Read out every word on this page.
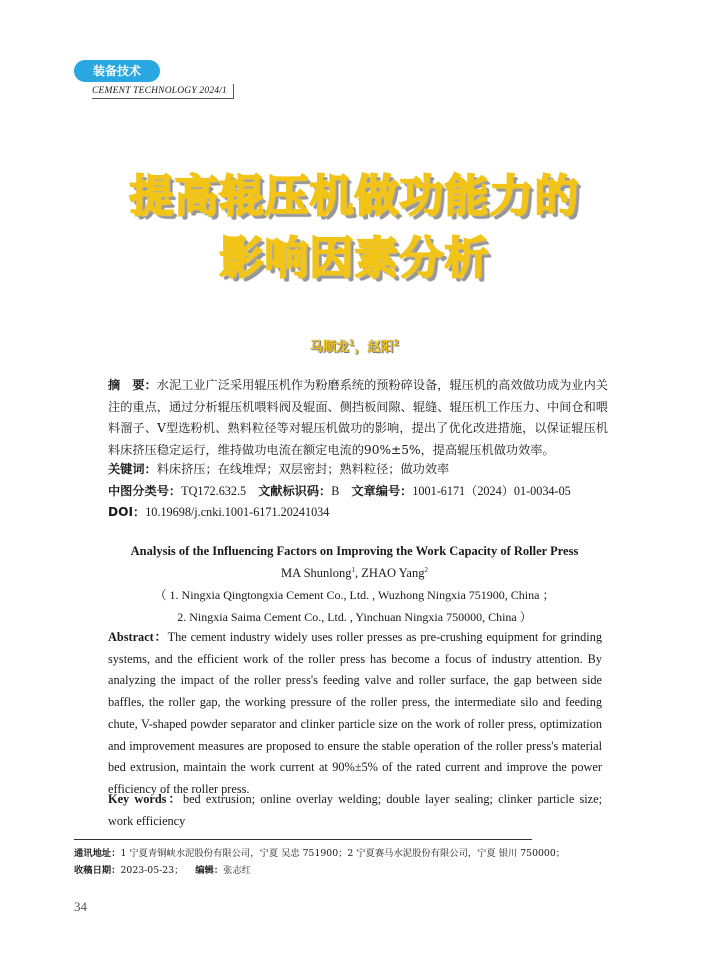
装备技术
CEMENT TECHNOLOGY 2024/1
提高辊压机做功能力的
影响因素分析
马顺龙$^1$，赵阳$^2$
摘　要：水泥工业广泛采用辊压机作为粉磨系统的预粉碎设备，辊压机的高效做功成为业内关注的重点，通过分析辊压机喂料阀及辊面、侧挡板间隙、辊缝、辊压机工作压力、中间仓和喂料溜子、V型选粉机、熟料粒径等对辊压机做功的影响，提出了优化改进措施，以保证辊压机料床挤压稳定运行，维持做功电流在额定电流的90%±5%，提高辊压机做功效率。
关键词：料床挤压；在线堆焊；双层密封；熟料粒径；做功效率
中图分类号：TQ172.632.5 文献标识码：B 文章编号：1001-6171（2024）01-0034-05
DOI：10.19698/j.cnki.1001-6171.20241034
Analysis of the Influencing Factors on Improving the Work Capacity of Roller Press
MA Shunlong$^1$, ZHAO Yang$^2$
（ 1. Ningxia Qingtongxia Cement Co., Ltd. , Wuzhong Ningxia 751900, China ；
2. Ningxia Saima Cement Co., Ltd. , Yinchuan Ningxia 750000, China ）
Abstract：The cement industry widely uses roller presses as pre-crushing equipment for grinding systems, and the efficient work of the roller press has become a focus of industry attention. By analyzing the impact of the roller press's feeding valve and roller surface, the gap between side baffles, the roller gap, the working pressure of the roller press, the intermediate silo and feeding chute, V-shaped powder separator and clinker particle size on the work of roller press, optimization and improvement measures are proposed to ensure the stable operation of the roller press's material bed extrusion, maintain the work current at 90%±5% of the rated current and improve the power efficiency of the roller press.
Key words：bed extrusion; online overlay welding; double layer sealing; clinker particle size; work efficiency
通讯地址：1 宁夏青铜峡水泥股份有限公司，宁夏 吴忠 751900；2 宁夏赛马水泥股份有限公司，宁夏 银川 750000；
收稿日期：2023-05-23； 编辑：张志红
34
